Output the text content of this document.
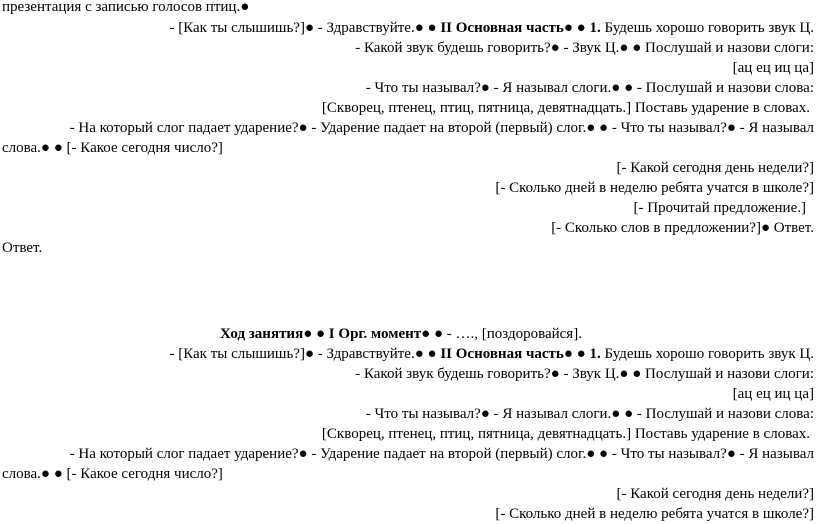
презентация с записью голосов птиц.●
- [Как ты слышишь?]● - Здравствуйте.● ● II Основная часть● ● 1. Будешь хорошо говорить звук Ц.
- Какой звук будешь говорить?● - Звук Ц.● ● Послушай и назови слоги:
[ац ец иц ца]
- Что ты называл?● - Я называл слоги.● ● - Послушай и назови слова:
[Скворец, птенец, птиц, пятница, девятнадцать.] Поставь ударение в словах.
- На который слог падает ударение?● - Ударение падает на второй (первый) слог.● ● - Что ты называл?● - Я называл
слова.● ● [- Какое сегодня число?]
[- Какой сегодня день недели?]
[- Сколько дней в неделю ребята учатся в школе?]
[- Прочитай предложение.]
[- Сколько слов в предложении?]● Ответ.
Ответ.
Ход занятия● ● I Орг. момент● ● - …., [поздоровайся].
- [Как ты слышишь?]● - Здравствуйте.● ● II Основная часть● ● 1. Будешь хорошо говорить звук Ц.
- Какой звук будешь говорить?● - Звук Ц.● ● Послушай и назови слоги:
[ац ец иц ца]
- Что ты называл?● - Я называл слоги.● ● - Послушай и назови слова:
[Скворец, птенец, птиц, пятница, девятнадцать.] Поставь ударение в словах.
- На который слог падает ударение?● - Ударение падает на второй (первый) слог.● ● - Что ты называл?● - Я называл
слова.● ● [- Какое сегодня число?]
[- Какой сегодня день недели?]
[- Сколько дней в неделю ребята учатся в школе?]
